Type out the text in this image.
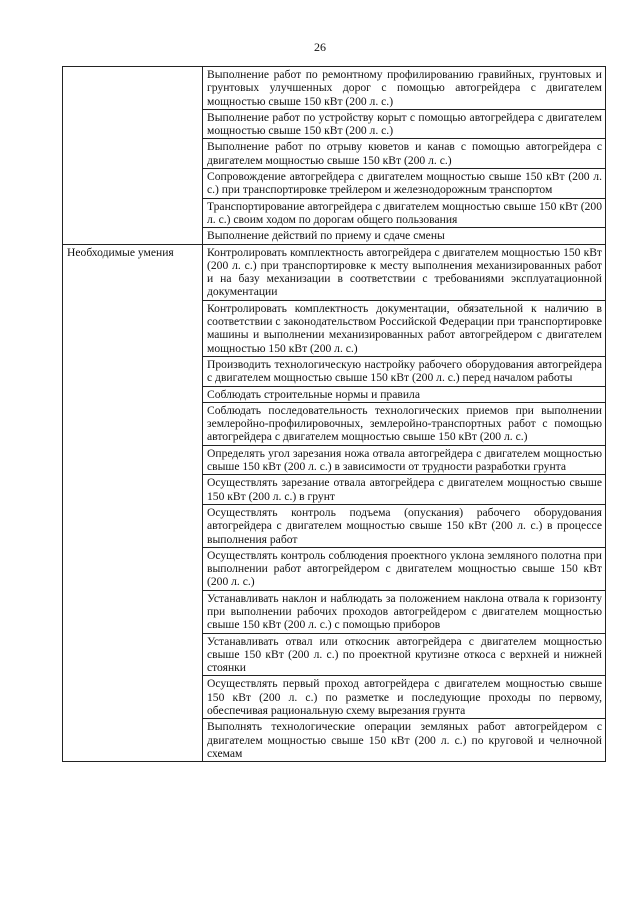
26
	Выполнение работ по ремонтному профилированию гравийных, грунтовых и грунтовых улучшенных дорог с помощью автогрейдера с двигателем мощностью свыше 150 кВт (200 л. с.)
	Выполнение работ по устройству корыт с помощью автогрейдера с двигателем мощностью свыше 150 кВт (200 л. с.)
	Выполнение работ по отрыву кюветов и канав с помощью автогрейдера с двигателем мощностью свыше 150 кВт (200 л. с.)
	Сопровождение автогрейдера с двигателем мощностью свыше 150 кВт (200 л. с.) при транспортировке трейлером и железнодорожным транспортом
	Транспортирование автогрейдера с двигателем мощностью свыше 150 кВт (200 л. с.) своим ходом по дорогам общего пользования
	Выполнение действий по приему и сдаче смены
Необходимые умения	Контролировать комплектность автогрейдера с двигателем мощностью 150 кВт (200 л. с.) при транспортировке к месту выполнения механизированных работ и на базу механизации в соответствии с требованиями эксплуатационной документации
	Контролировать комплектность документации, обязательной к наличию в соответствии с законодательством Российской Федерации при транспортировке машины и выполнении механизированных работ автогрейдером с двигателем мощностью 150 кВт (200 л. с.)
	Производить технологическую настройку рабочего оборудования автогрейдера с двигателем мощностью свыше 150 кВт (200 л. с.) перед началом работы
	Соблюдать строительные нормы и правила
	Соблюдать последовательность технологических приемов при выполнении землеройно-профилировочных, землеройно-транспортных работ с помощью автогрейдера с двигателем мощностью свыше 150 кВт (200 л. с.)
	Определять угол зарезания ножа отвала автогрейдера с двигателем мощностью свыше 150 кВт (200 л. с.) в зависимости от трудности разработки грунта
	Осуществлять зарезание отвала автогрейдера с двигателем мощностью свыше 150 кВт (200 л. с.) в грунт
	Осуществлять контроль подъема (опускания) рабочего оборудования автогрейдера с двигателем мощностью свыше 150 кВт (200 л. с.) в процессе выполнения работ
	Осуществлять контроль соблюдения проектного уклона земляного полотна при выполнении работ автогрейдером с двигателем мощностью свыше 150 кВт (200 л. с.)
	Устанавливать наклон и наблюдать за положением наклона отвала к горизонту при выполнении рабочих проходов автогрейдером с двигателем мощностью свыше 150 кВт (200 л. с.) с помощью приборов
	Устанавливать отвал или откосник автогрейдера с двигателем мощностью свыше 150 кВт (200 л. с.) по проектной крутизне откоса с верхней и нижней стоянки
	Осуществлять первый проход автогрейдера с двигателем мощностью свыше 150 кВт (200 л. с.) по разметке и последующие проходы по первому, обеспечивая рациональную схему вырезания грунта
	Выполнять технологические операции земляных работ автогрейдером с двигателем мощностью свыше 150 кВт (200 л. с.) по круговой и челночной схемам
